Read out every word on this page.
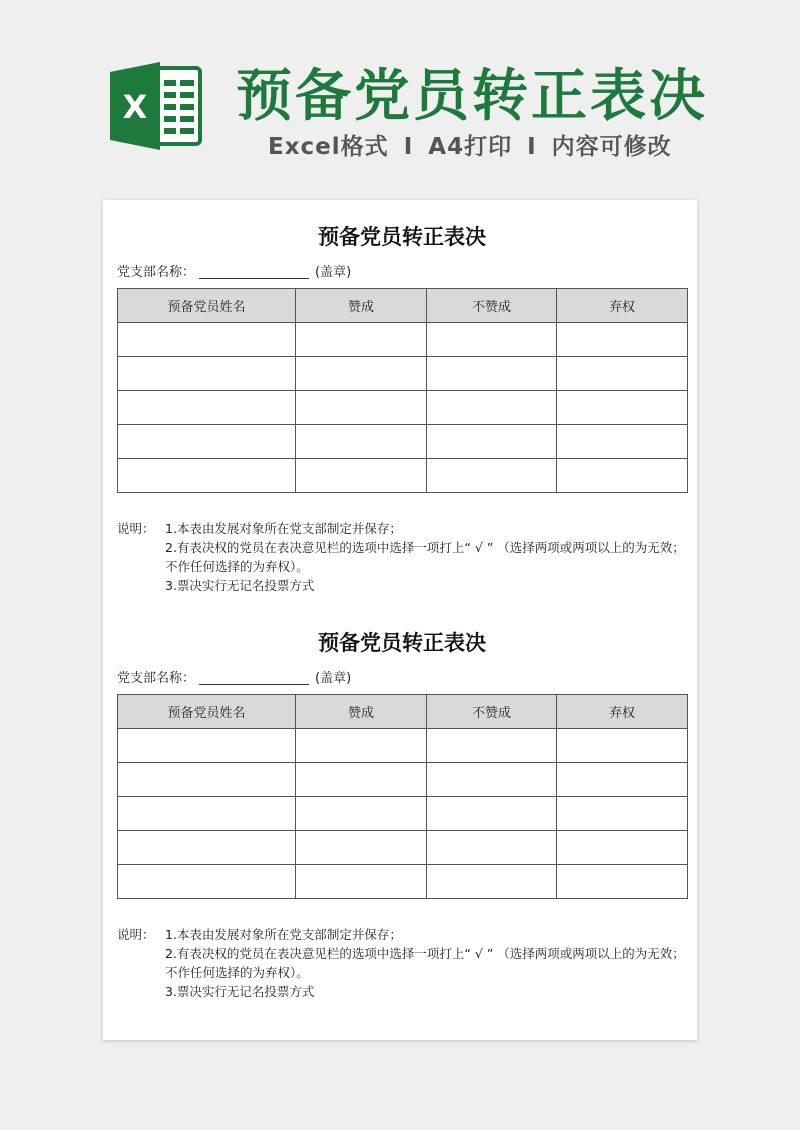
X 预备党员转正表决
Excel格式 I A4打印 I 内容可修改
预备党员转正表决
党支部名称：	(盖章)
预备党员姓名	赞成	不赞成	弃权

说明： 1.本表由发展对象所在党支部制定并保存；
2.有表决权的党员在表决意见栏的选项中选择一项打上“ √ ” （选择两项或两项以上的为无效；不作任何选择的为弃权）。
3.票决实行无记名投票方式
预备党员转正表决
党支部名称：	(盖章)
预备党员姓名	赞成	不赞成	弃权

说明： 1.本表由发展对象所在党支部制定并保存；
2.有表决权的党员在表决意见栏的选项中选择一项打上“ √ ” （选择两项或两项以上的为无效；不作任何选择的为弃权）。
3.票决实行无记名投票方式
